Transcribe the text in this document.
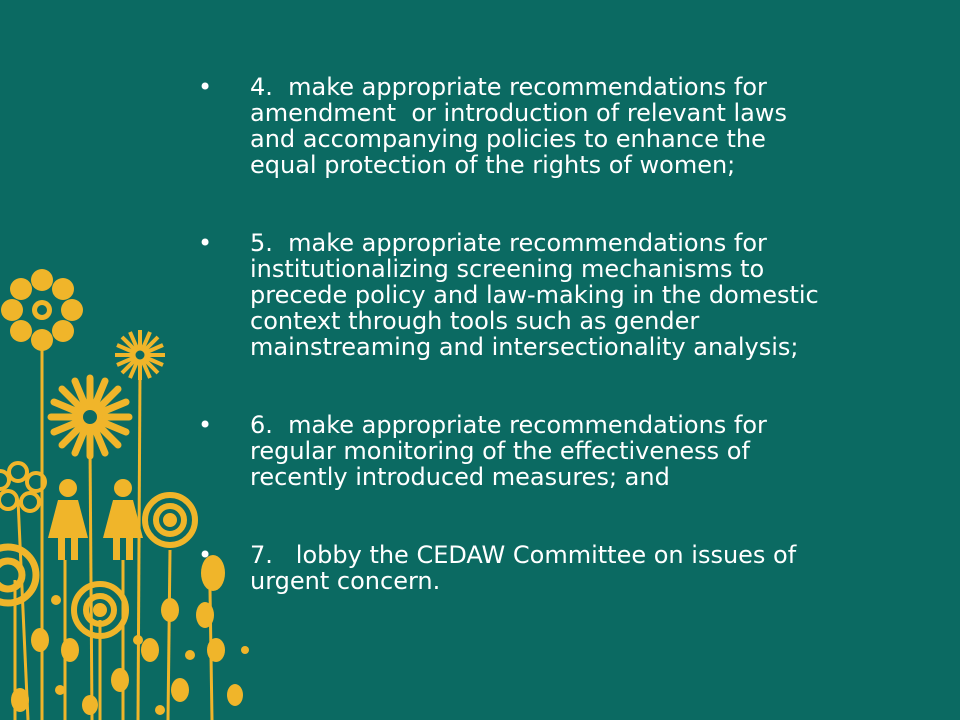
• 4.  make appropriate recommendations for
amendment  or introduction of relevant laws
and accompanying policies to enhance the
equal protection of the rights of women;
• 5.  make appropriate recommendations for
institutionalizing screening mechanisms to
precede policy and law-making in the domestic
context through tools such as gender
mainstreaming and intersectionality analysis;
• 6.  make appropriate recommendations for
regular monitoring of the effectiveness of
recently introduced measures; and
• 7.   lobby the CEDAW Committee on issues of
urgent concern.
